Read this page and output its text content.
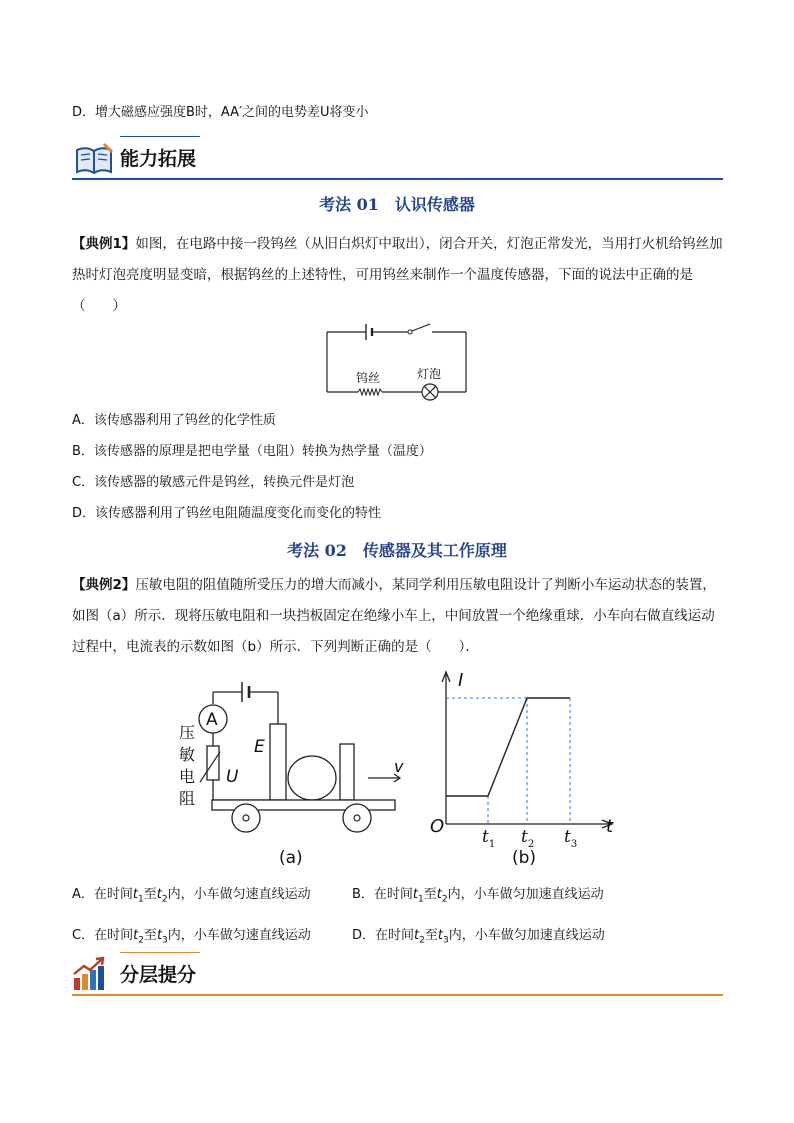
D．增大磁感应强度B时，AA′之间的电势差U将变小
能力拓展
考法 01　认识传感器
【典例1】如图，在电路中接一段钨丝（从旧白炽灯中取出），闭合开关，灯泡正常发光，当用打火机给钨丝加热时灯泡亮度明显变暗，根据钨丝的上述特性，可用钨丝来制作一个温度传感器，下面的说法中正确的是（　　）
钨丝	灯泡
A．该传感器利用了钨丝的化学性质
B．该传感器的原理是把电学量（电阻）转换为热学量（温度）
C．该传感器的敏感元件是钨丝，转换元件是灯泡
D．该传感器利用了钨丝电阻随温度变化而变化的特性
考法 02　传感器及其工作原理
【典例2】压敏电阻的阻值随所受压力的增大而减小，某同学利用压敏电阻设计了判断小车运动状态的装置，如图（a）所示．现将压敏电阻和一块挡板固定在绝缘小车上，中间放置一个绝缘重球．小车向右做直线运动过程中，电流表的示数如图（b）所示．下列判断正确的是（　　）．
A
E
U
压
敏
电
阻
v
(a)
$t_1$ $t_2$ $t_3$
I
O	t
(b)
A．在时间$t_1$至$t_2$内，小车做匀速直线运动	B．在时间$t_1$至$t_2$内，小车做匀加速直线运动
C．在时间$t_2$至$t_3$内，小车做匀速直线运动	D．在时间$t_2$至$t_3$内，小车做匀加速直线运动
分层提分
